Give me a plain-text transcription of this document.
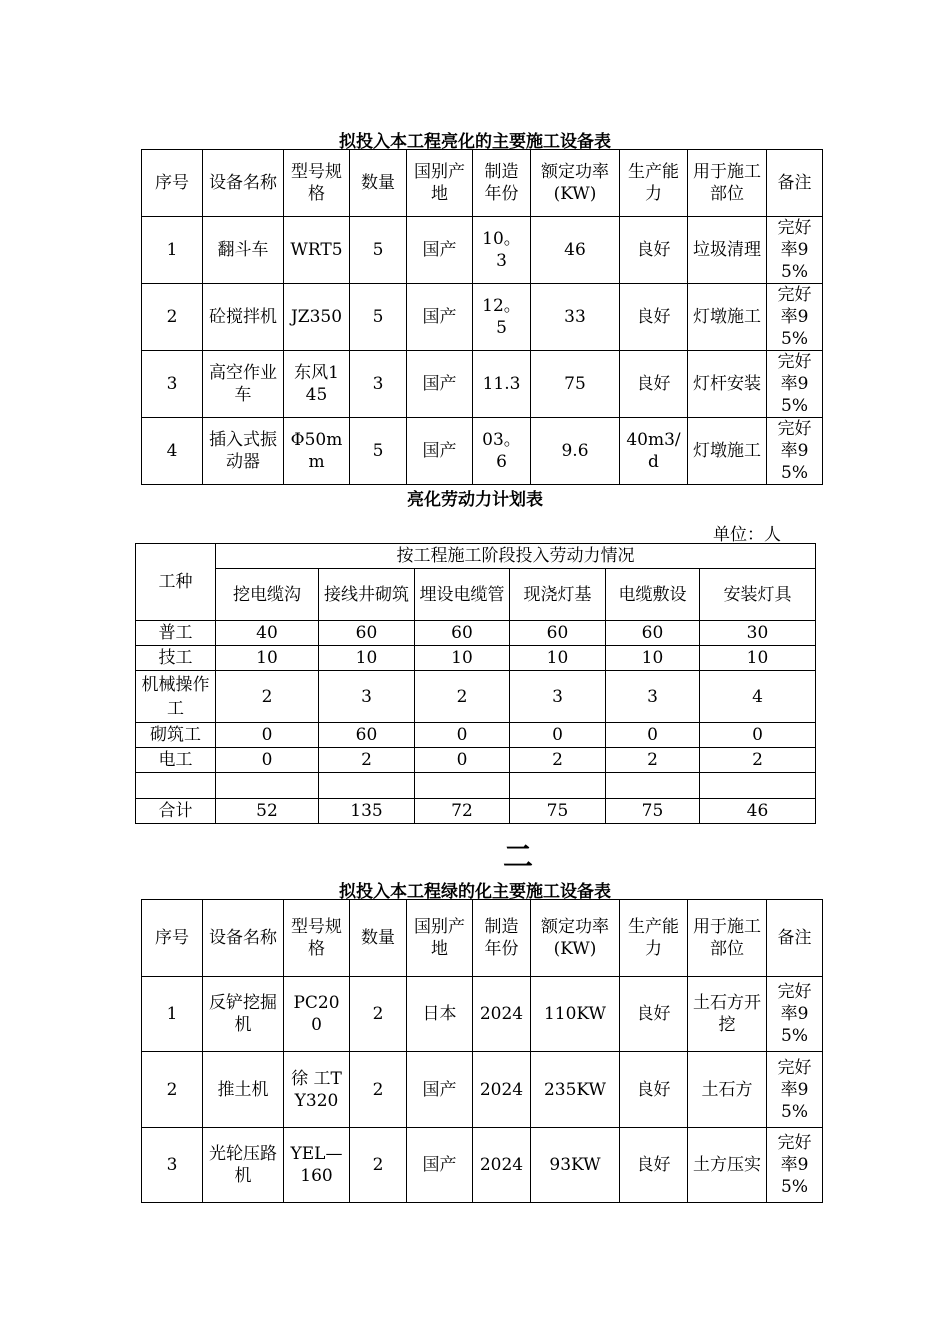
拟投入本工程亮化的主要施工设备表
序号	设备名称	型号规格	数量	国别产地	制造年份	额定功率(KW)	生产能力	用于施工部位	备注
1	翻斗车	WRT5	5	国产	10。3	46	良好	垃圾清理	完好率95%
2	砼搅拌机	JZ350	5	国产	12。5	33	良好	灯墩施工	完好率95%
3	高空作业车	东风145	3	国产	11.3	75	良好	灯杆安装	完好率95%
4	插入式振动器	Φ50mm	5	国产	03。6	9.6	40m3/d	灯墩施工	完好率95%
亮化劳动力计划表
单位：人
工种	按工程施工阶段投入劳动力情况					
	挖电缆沟	接线井砌筑	埋设电缆管	现浇灯基	电缆敷设	安装灯具
普工	40	60	60	60	60	30
技工	10	10	10	10	10	10
机械操作工	2	3	2	3	3	4
砌筑工	0	60	0	0	0	0
电工	0	2	0	2	2	2

合计	52	135	72	75	75	46
二
拟投入本工程绿的化主要施工设备表
序号	设备名称	型号规格	数量	国别产地	制造年份	额定功率(KW)	生产能力	用于施工部位	备注
1	反铲挖掘机	PC200	2	日本	2024	110KW	良好	土石方开挖	完好率95%
2	推土机	徐 工TY320	2	国产	2024	235KW	良好	土石方	完好率95%
3	光轮压路机	YEL—160	2	国产	2024	93KW	良好	土方压实	完好率95%
